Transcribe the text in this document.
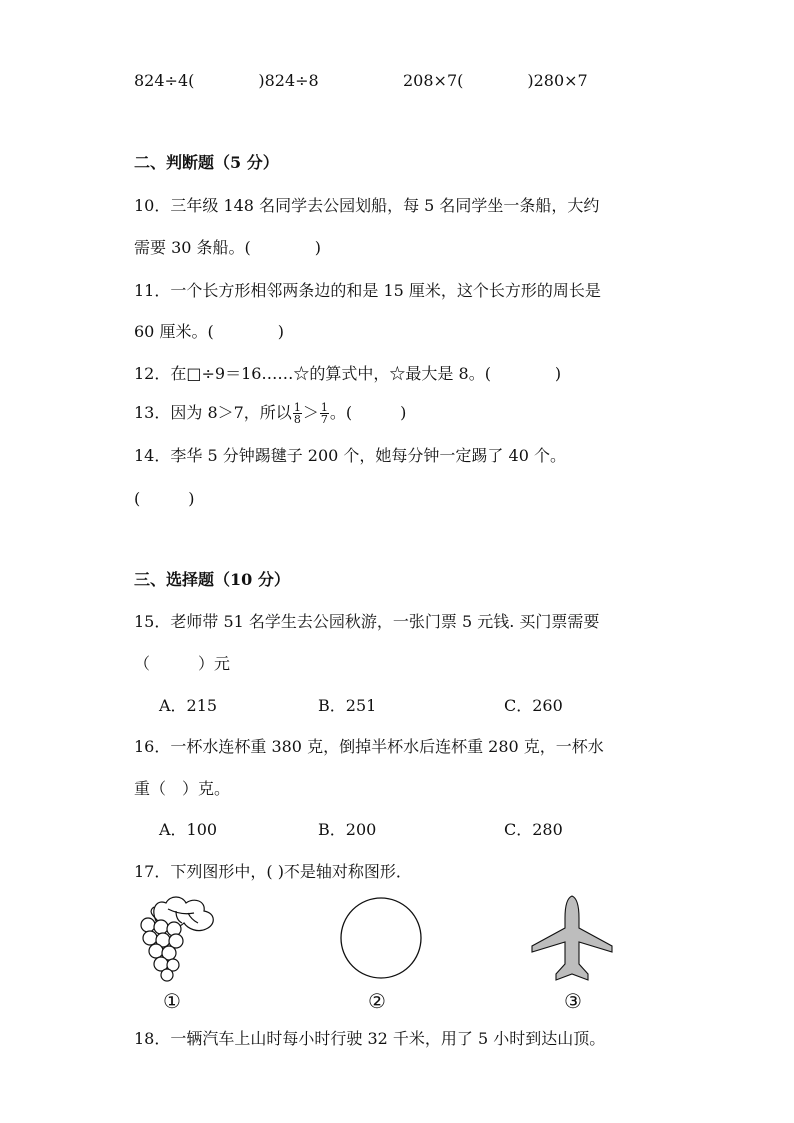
824÷4(　　　　)824÷8	208×7(　　　　)280×7
二、判断题（5 分）
10．三年级 148 名同学去公园划船，每 5 名同学坐一条船，大约
需要 30 条船。(　　　　)
11．一个长方形相邻两条边的和是 15 厘米，这个长方形的周长是
60 厘米。(　　　　)
12．在□÷9＝16……☆的算式中，☆最大是 8。(　　　　)
13．因为 8＞7，所以 $\frac{1}{8} > \frac{1}{7}$ 。(　　　)
14．李华 5 分钟踢毽子 200 个，她每分钟一定踢了 40 个。
(　　　)
三、选择题（10 分）
15．老师带 51 名学生去公园秋游，一张门票 5 元钱. 买门票需要
（　　　）元
A．215	B．251	C．260
16．一杯水连杯重 380 克，倒掉半杯水后连杯重 280 克，一杯水
重（　）克。
A．100	B．200	C．280
17．下列图形中，( )不是轴对称图形．
①	②	③
18．一辆汽车上山时每小时行驶 32 千米，用了 5 小时到达山顶。
